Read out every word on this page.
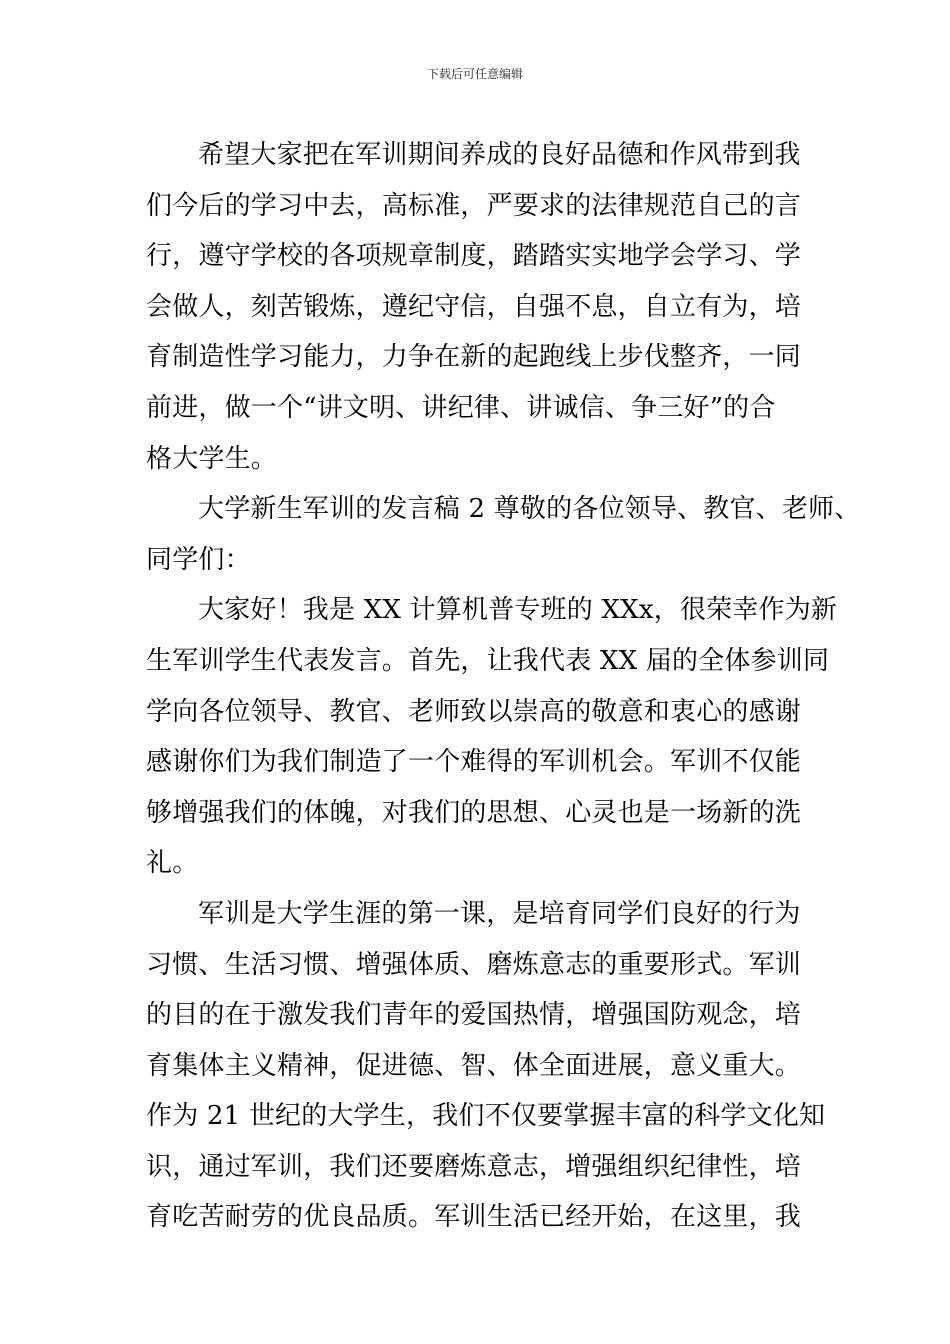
下载后可任意编辑
希望大家把在军训期间养成的良好品德和作风带到我
们今后的学习中去，高标准，严要求的法律规范自己的言
行，遵守学校的各项规章制度，踏踏实实地学会学习、学
会做人，刻苦锻炼，遵纪守信，自强不息，自立有为，培
育制造性学习能力，力争在新的起跑线上步伐整齐，一同
前进，做一个“讲文明、讲纪律、讲诚信、争三好”的合
格大学生。
大学新生军训的发言稿 2 尊敬的各位领导、教官、老师、
同学们：
大家好！我是 XX 计算机普专班的 XXx，很荣幸作为新
生军训学生代表发言。首先，让我代表 XX 届的全体参训同
学向各位领导、教官、老师致以崇高的敬意和衷心的感谢
感谢你们为我们制造了一个难得的军训机会。军训不仅能
够增强我们的体魄，对我们的思想、心灵也是一场新的洗
礼。
军训是大学生涯的第一课，是培育同学们良好的行为
习惯、生活习惯、增强体质、磨炼意志的重要形式。军训
的目的在于激发我们青年的爱国热情，增强国防观念，培
育集体主义精神，促进德、智、体全面进展，意义重大。
作为 21 世纪的大学生，我们不仅要掌握丰富的科学文化知
识，通过军训，我们还要磨炼意志，增强组织纪律性，培
育吃苦耐劳的优良品质。军训生活已经开始，在这里，我
